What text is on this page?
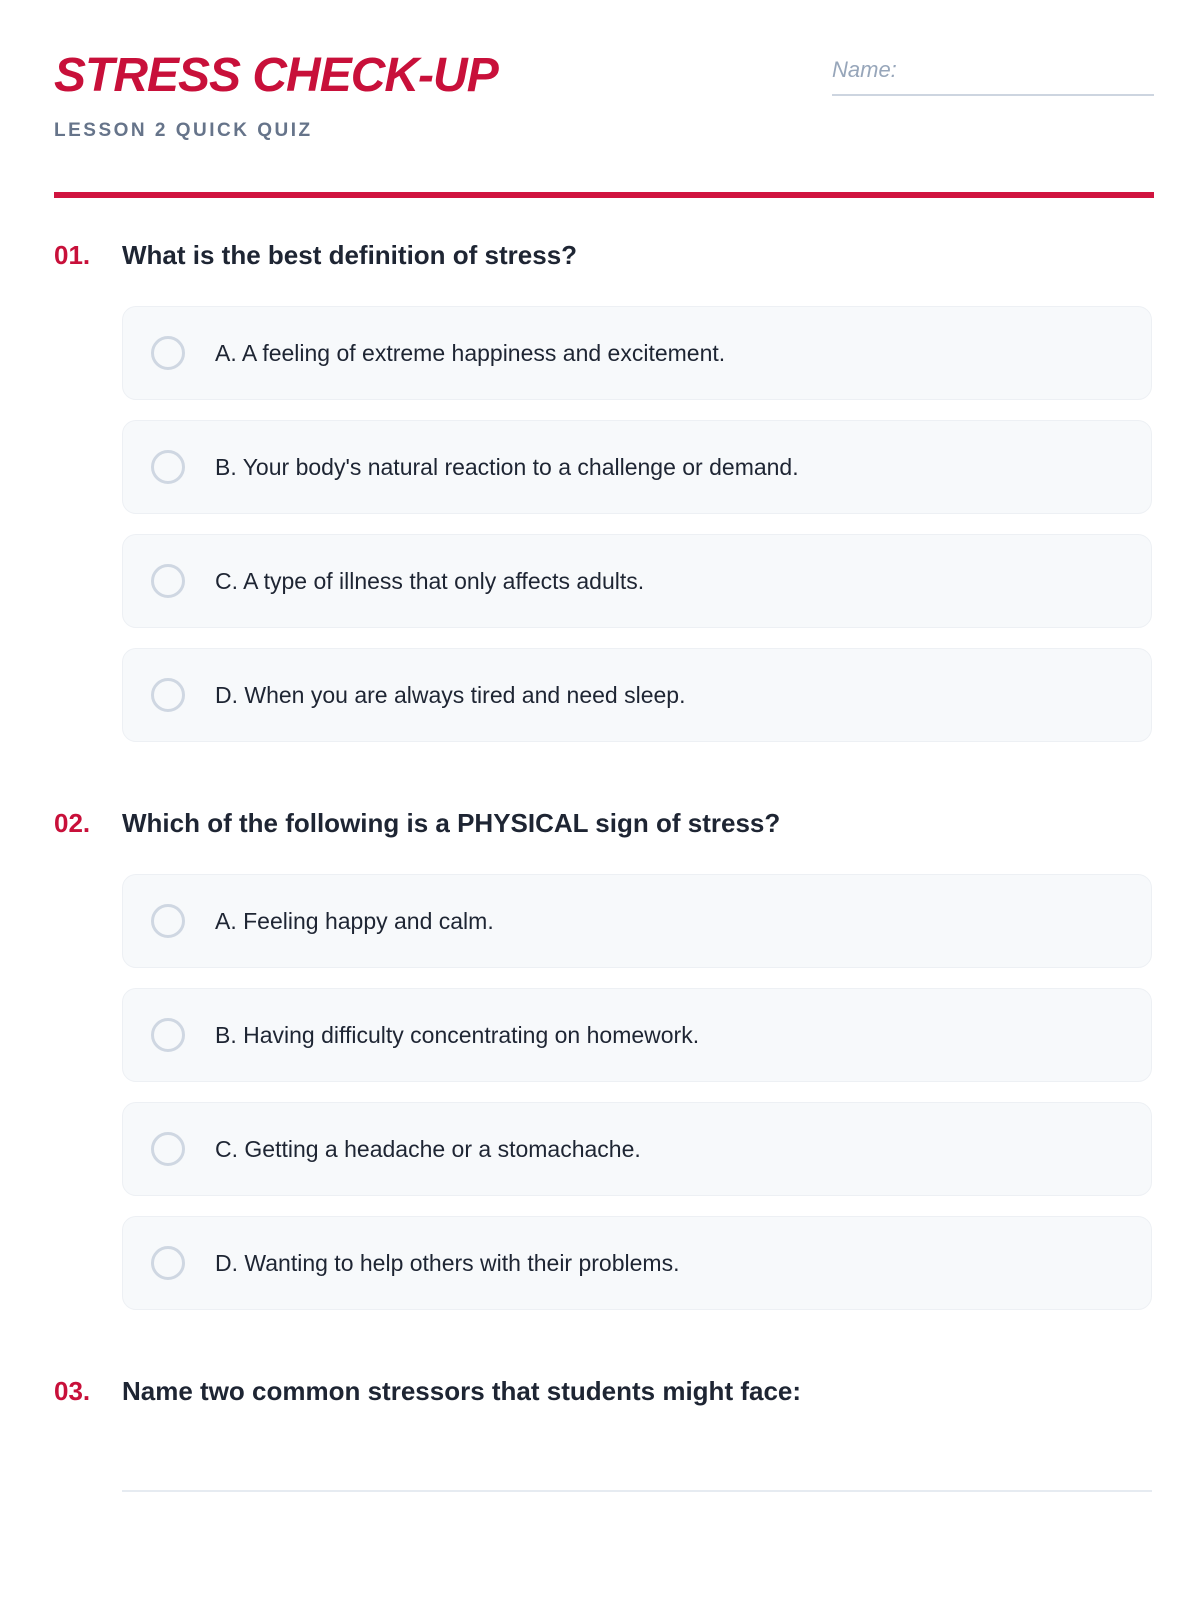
STRESS CHECK-UP
LESSON 2 QUICK QUIZ
Name:
01.	What is the best definition of stress?
A. A feeling of extreme happiness and excitement.
B. Your body's natural reaction to a challenge or demand.
C. A type of illness that only affects adults.
D. When you are always tired and need sleep.
02.	Which of the following is a PHYSICAL sign of stress?
A. Feeling happy and calm.
B. Having difficulty concentrating on homework.
C. Getting a headache or a stomachache.
D. Wanting to help others with their problems.
03.	Name two common stressors that students might face:
